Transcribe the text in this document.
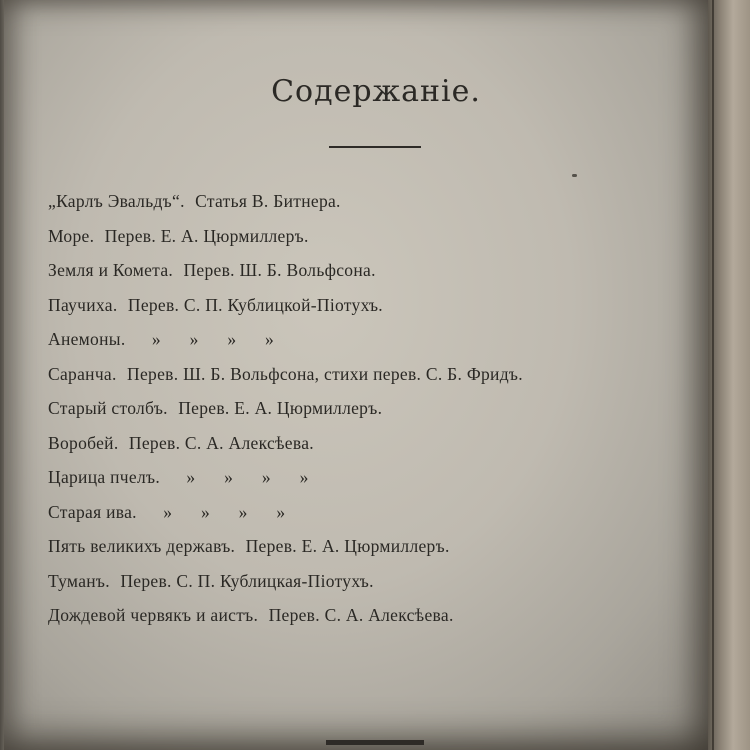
Содержаніе.
„Карлъ Эвальдъ“. Статья В. Битнера.
Море. Перев. Е. А. Цюрмиллеръ.
Земля и Комета. Перев. Ш. Б. Вольфсона.
Паучиха. Перев. С. П. Кублицкой-Піотухъ.
Анемоны. » » » »
Саранча. Перев. Ш. Б. Вольфсона, стихи перев. С. Б. Фридъ.
Старый столбъ. Перев. Е. А. Цюрмиллеръ.
Воробей. Перев. С. А. Алексѣева.
Царица пчелъ. » » » »
Старая ива. » » » »
Пять великихъ державъ. Перев. Е. А. Цюрмиллеръ.
Туманъ. Перев. С. П. Кублицкая-Піотухъ.
Дождевой червякъ и аистъ. Перев. С. А. Алексѣева.
